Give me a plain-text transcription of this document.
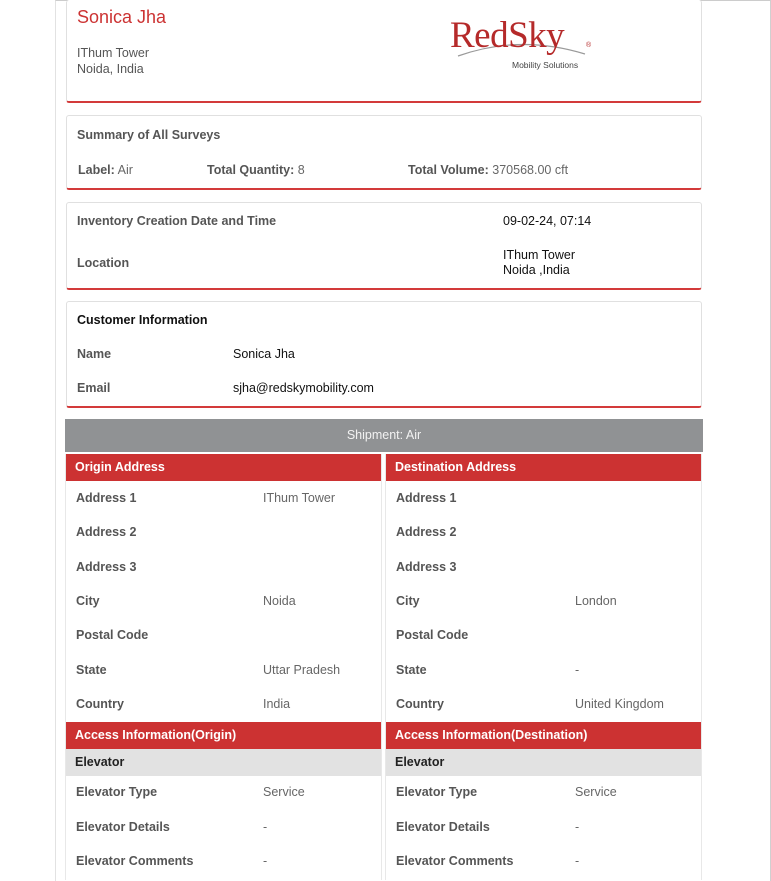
Sonica Jha
IThum Tower
Noida, India
RedSky	®
Mobility Solutions
Summary of All Surveys
Label: Air	Total Quantity: 8	Total Volume: 370568.00 cft
Inventory Creation Date and Time	09-02-24, 07:14
Location
IThum Tower
Noida ,India
Customer Information
Name	Sonica Jha
Email	sjha@redskymobility.com
Shipment: Air
Origin Address
Address 1	IThum Tower
Address 2
Address 3
City	Noida
Postal Code
State	Uttar Pradesh
Country	India
Access Information(Origin)
Elevator
Elevator Type	Service
Elevator Details	-
Elevator Comments	-
Destination Address
Address 1
Address 2
Address 3
City	London
Postal Code
State	-
Country	United Kingdom
Access Information(Destination)
Elevator
Elevator Type	Service
Elevator Details	-
Elevator Comments	-
